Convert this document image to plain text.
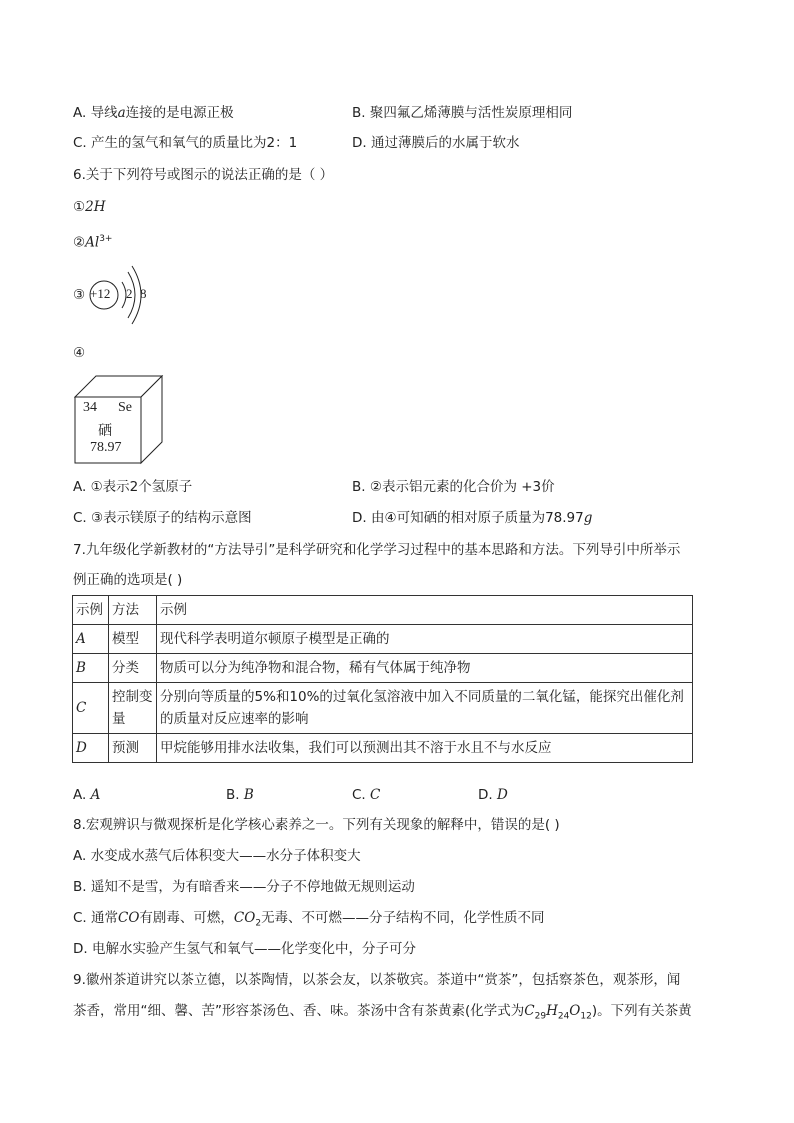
A. 导线a连接的是电源正极	B. 聚四氟乙烯薄膜与活性炭原理相同
C. 产生的氢气和氧气的质量比为2：1	D. 通过薄膜后的水属于软水
6.关于下列符号或图示的说法正确的是（ ）
①2H
$②Al^{3+}$
③ +12 2 8
④
34 Se
硒
78.97
A. ①表示2个氢原子	B. ②表示铝元素的化合价为 +3价
C. ③表示镁原子的结构示意图	D. 由④可知硒的相对原子质量为78.97g
7.九年级化学新教材的“方法导引”是科学研究和化学学习过程中的基本思路和方法。下列导引中所举示
例正确的选项是( )
示例	方法	示例
A	模型	现代科学表明道尔顿原子模型是正确的
B	分类	物质可以分为纯净物和混合物，稀有气体属于纯净物
C	控制变量	分别向等质量的5%和10%的过氧化氢溶液中加入不同质量的二氧化锰，能探究出催化剂的质量对反应速率的影响
D	预测	甲烷能够用排水法收集，我们可以预测出其不溶于水且不与水反应
A. A	B. B	C. C	D. D
8.宏观辨识与微观探析是化学核心素养之一。下列有关现象的解释中，错误的是( )
A. 水变成水蒸气后体积变大——水分子体积变大
B. 遥知不是雪，为有暗香来——分子不停地做无规则运动
C. 通常CO有剧毒、可燃，$CO_2$无毒、不可燃——分子结构不同，化学性质不同
D. 电解水实验产生氢气和氧气——化学变化中，分子可分
9.徽州茶道讲究以茶立德，以茶陶情，以茶会友，以茶敬宾。茶道中“赏茶”，包括察茶色，观茶形，闻
茶香，常用“细、馨、苦”形容茶汤色、香、味。茶汤中含有茶黄素(化学式为$C_{29}H_{24}O_{12}$)。下列有关茶黄
